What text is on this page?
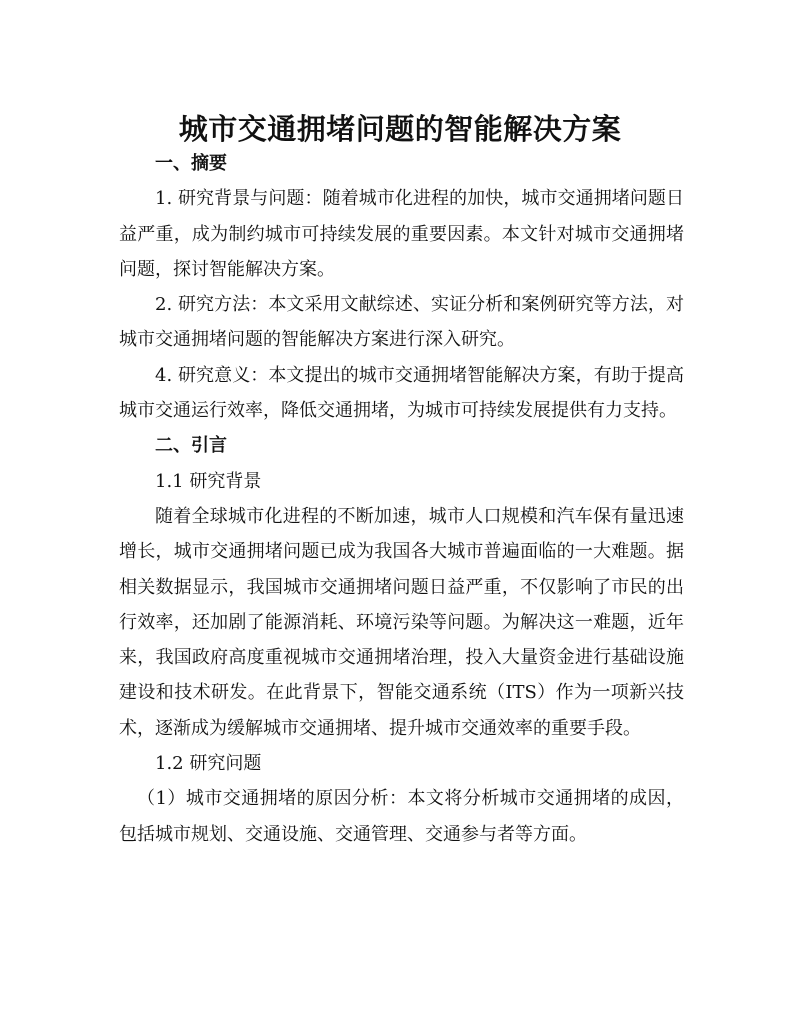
城市交通拥堵问题的智能解决方案

一、摘要

1. 研究背景与问题：随着城市化进程的加快，城市交通拥堵问题日益严重，成为制约城市可持续发展的重要因素。本文针对城市交通拥堵问题，探讨智能解决方案。

2. 研究方法：本文采用文献综述、实证分析和案例研究等方法，对城市交通拥堵问题的智能解决方案进行深入研究。

4. 研究意义：本文提出的城市交通拥堵智能解决方案，有助于提高城市交通运行效率，降低交通拥堵，为城市可持续发展提供有力支持。

二、引言

1.1 研究背景

随着全球城市化进程的不断加速，城市人口规模和汽车保有量迅速增长，城市交通拥堵问题已成为我国各大城市普遍面临的一大难题。据相关数据显示，我国城市交通拥堵问题日益严重，不仅影响了市民的出行效率，还加剧了能源消耗、环境污染等问题。为解决这一难题，近年来，我国政府高度重视城市交通拥堵治理，投入大量资金进行基础设施建设和技术研发。在此背景下，智能交通系统（ITS）作为一项新兴技术，逐渐成为缓解城市交通拥堵、提升城市交通效率的重要手段。

1.2 研究问题

（1）城市交通拥堵的原因分析：本文将分析城市交通拥堵的成因，包括城市规划、交通设施、交通管理、交通参与者等方面。
